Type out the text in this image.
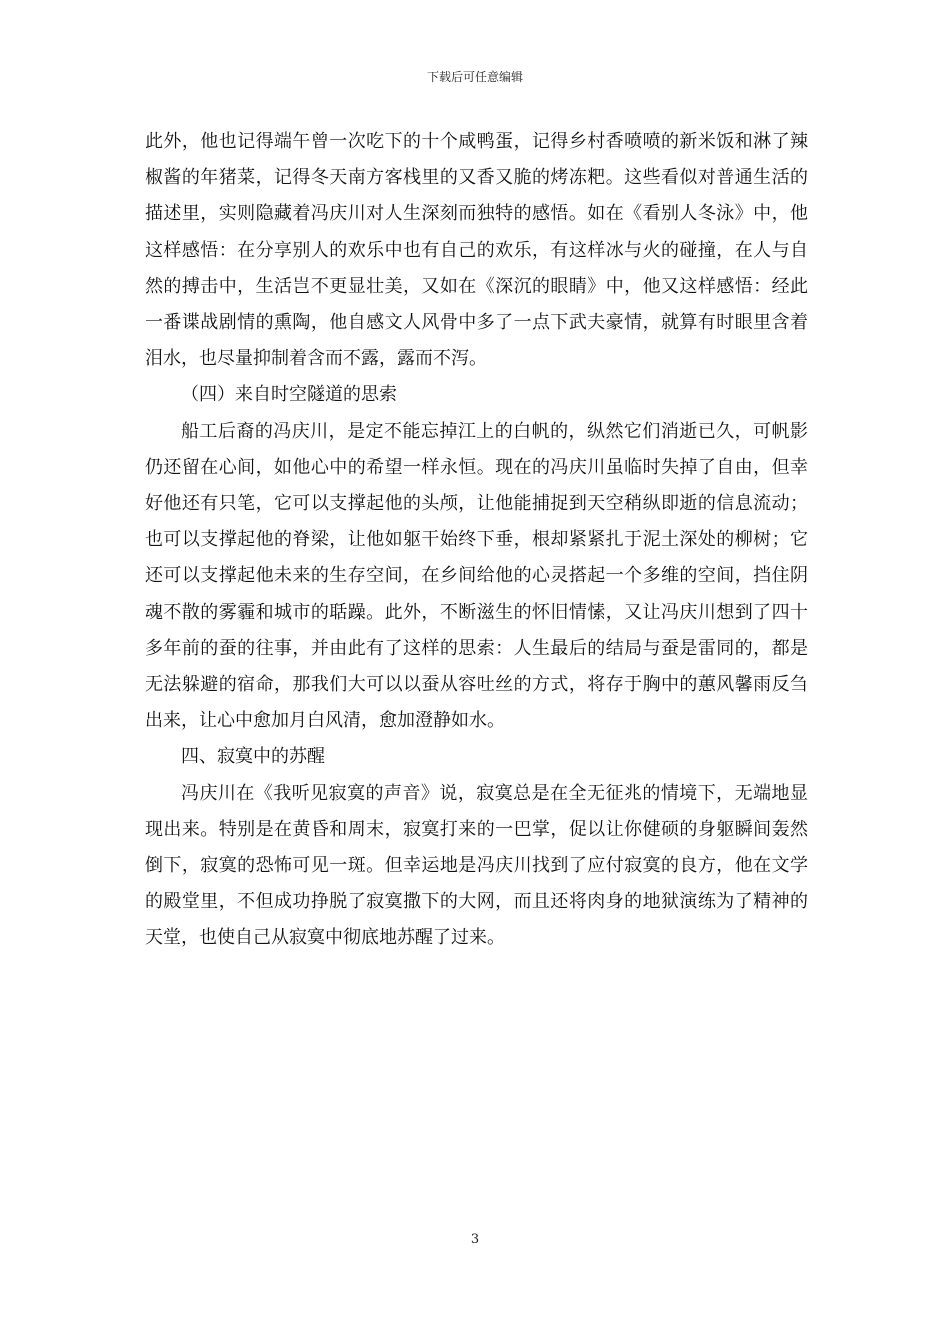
下载后可任意编辑

此外，他也记得端午曾一次吃下的十个咸鸭蛋，记得乡村香喷喷的新米饭和淋了辣椒酱的年猪菜，记得冬天南方客栈里的又香又脆的烤冻粑。这些看似对普通生活的描述里，实则隐藏着冯庆川对人生深刻而独特的感悟。如在《看别人冬泳》中，他这样感悟：在分享别人的欢乐中也有自己的欢乐，有这样冰与火的碰撞，在人与自然的搏击中，生活岂不更显壮美，又如在《深沉的眼睛》中，他又这样感悟：经此一番谍战剧情的熏陶，他自感文人风骨中多了一点下武夫豪情，就算有时眼里含着泪水，也尽量抑制着含而不露，露而不泻。

（四）来自时空隧道的思索

船工后裔的冯庆川，是定不能忘掉江上的白帆的，纵然它们消逝已久，可帆影仍还留在心间，如他心中的希望一样永恒。现在的冯庆川虽临时失掉了自由，但幸好他还有只笔，它可以支撑起他的头颅，让他能捕捉到天空稍纵即逝的信息流动；也可以支撑起他的脊梁，让他如躯干始终下垂，根却紧紧扎于泥土深处的柳树；它还可以支撑起他未来的生存空间，在乡间给他的心灵搭起一个多维的空间，挡住阴魂不散的雾霾和城市的聒躁。此外，不断滋生的怀旧情愫，又让冯庆川想到了四十多年前的蚕的往事，并由此有了这样的思索：人生最后的结局与蚕是雷同的，都是无法躲避的宿命，那我们大可以以蚕从容吐丝的方式，将存于胸中的蕙风馨雨反刍出来，让心中愈加月白风清，愈加澄静如水。

四、寂寞中的苏醒

冯庆川在《我听见寂寞的声音》说，寂寞总是在全无征兆的情境下，无端地显现出来。特别是在黄昏和周末，寂寞打来的一巴掌，促以让你健硕的身躯瞬间轰然倒下，寂寞的恐怖可见一斑。但幸运地是冯庆川找到了应付寂寞的良方，他在文学的殿堂里，不但成功挣脱了寂寞撒下的大网，而且还将肉身的地狱演练为了精神的天堂，也使自己从寂寞中彻底地苏醒了过来。

3
